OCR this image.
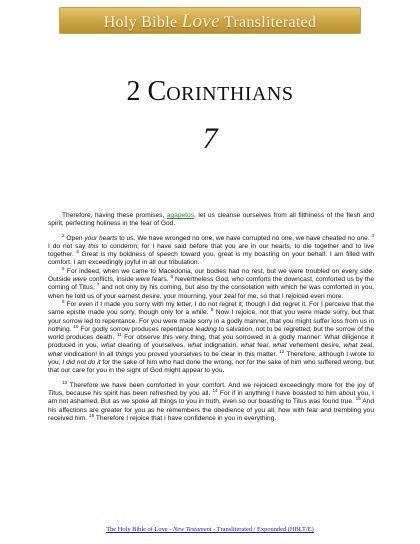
Holy Bible Love Transliterated
2 CORINTHIANS
7

Therefore, having these promises, agapetos, let us cleanse ourselves from all filthiness of the flesh and spirit, perfecting holiness in the fear of God.

$^2$ Open your hearts to us. We have wronged no one, we have corrupted no one, we have cheated no one. $^3$ I do not say this to condemn; for I have said before that you are in our hearts, to die together and to live together. $^4$ Great is my boldness of speech toward you, great is my boasting on your behalf. I am filled with comfort. I am exceedingly joyful in all our tribulation.

$^5$ For indeed, when we came to Macedonia, our bodies had no rest, but we were troubled on every side. Outside were conflicts, inside were fears. $^6$ Nevertheless God, who comforts the downcast, comforted us by the coming of Titus, $^7$ and not only by his coming, but also by the consolation with which he was comforted in you, when he told us of your earnest desire, your mourning, your zeal for me, so that I rejoiced even more.

$^8$ For even if I made you sorry with my letter, I do not regret it; though I did regret it. For I perceive that the same epistle made you sorry, though only for a while. $^9$ Now I rejoice, not that you were made sorry, but that your sorrow led to repentance. For you were made sorry in a godly manner, that you might suffer loss from us in nothing. $^{10}$ For godly sorrow produces repentance leading to salvation, not to be regretted; but the sorrow of the world produces death. $^{11}$ For observe this very thing, that you sorrowed in a godly manner: What diligence it produced in you, what clearing of yourselves, what indignation, what fear, what vehement desire, what zeal, what vindication! In all things you proved yourselves to be clear in this matter. $^{12}$ Therefore, although I wrote to you, I did not do it for the sake of him who had done the wrong, nor for the sake of him who suffered wrong, but that our care for you in the sight of God might appear to you.

$^{13}$ Therefore we have been comforted in your comfort. And we rejoiced exceedingly more for the joy of Titus, because his spirit has been refreshed by you all. $^{14}$ For if in anything I have boasted to him about you, I am not ashamed. But as we spoke all things to you in truth, even so our boasting to Titus was found true. $^{15}$ And his affections are greater for you as he remembers the obedience of you all, how with fear and trembling you received him. $^{16}$ Therefore I rejoice that I have confidence in you in everything.

The Holy Bible of Love - New Testament - Transliterated / Expounded (HBLT/E)
